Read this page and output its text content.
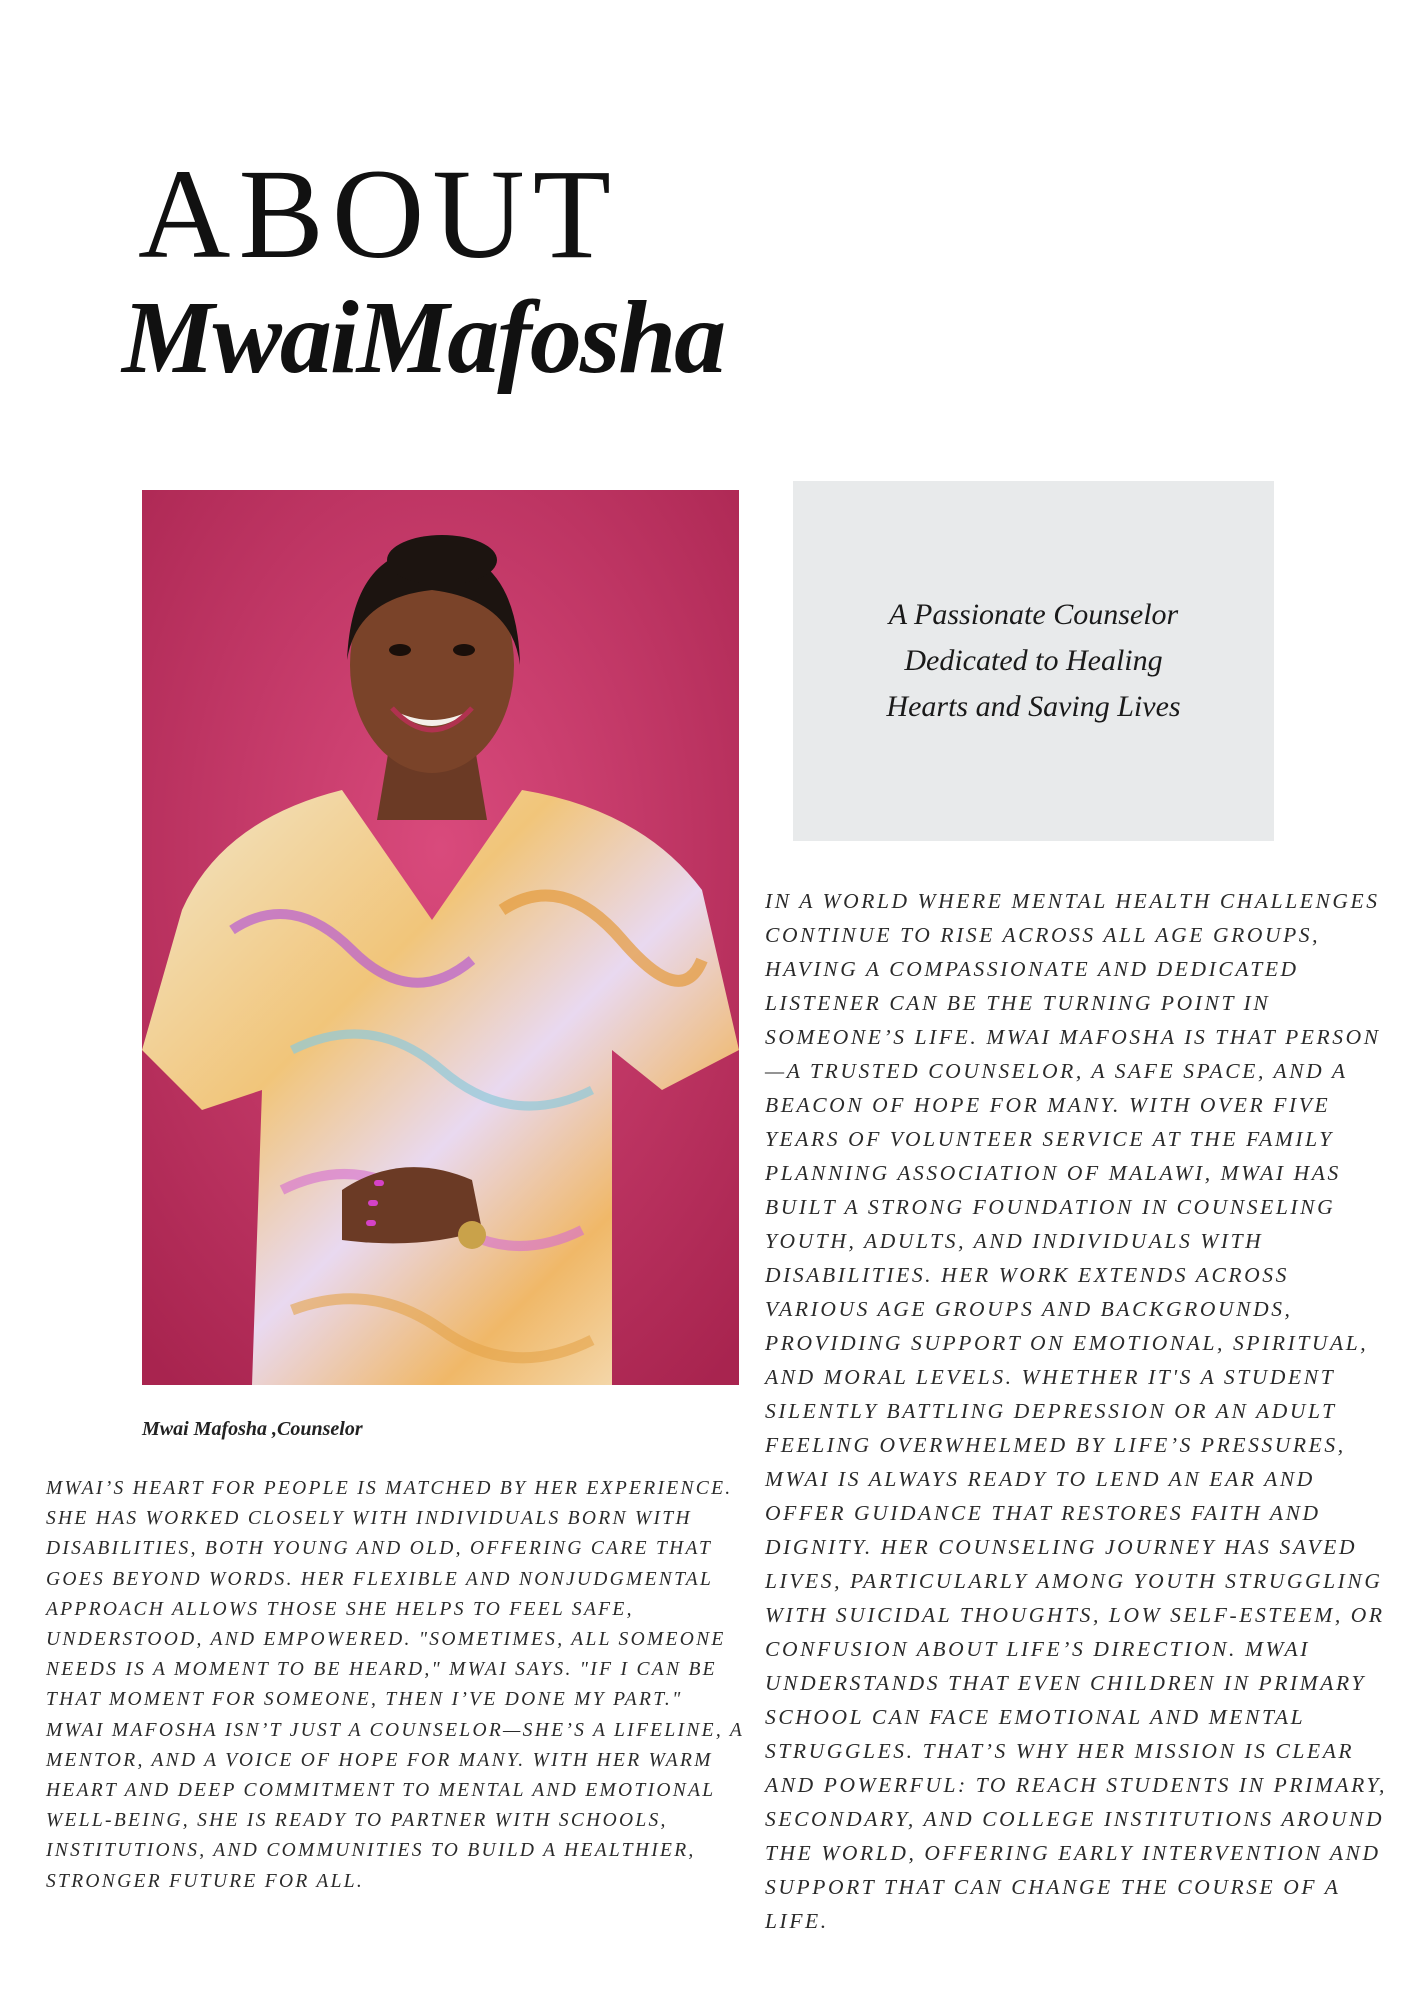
ABOUT
MwaiMafosha
Mwai Mafosha ,Counselor
A Passionate Counselor
Dedicated to Healing
Hearts and Saving Lives

IN A WORLD WHERE MENTAL HEALTH CHALLENGES CONTINUE TO RISE ACROSS ALL AGE GROUPS, HAVING A COMPASSIONATE AND DEDICATED LISTENER CAN BE THE TURNING POINT IN SOMEONE’S LIFE. MWAI MAFOSHA IS THAT PERSON—A TRUSTED COUNSELOR, A SAFE SPACE, AND A BEACON OF HOPE FOR MANY. WITH OVER FIVE YEARS OF VOLUNTEER SERVICE AT THE FAMILY PLANNING ASSOCIATION OF MALAWI, MWAI HAS BUILT A STRONG FOUNDATION IN COUNSELING YOUTH, ADULTS, AND INDIVIDUALS WITH DISABILITIES. HER WORK EXTENDS ACROSS VARIOUS AGE GROUPS AND BACKGROUNDS, PROVIDING SUPPORT ON EMOTIONAL, SPIRITUAL, AND MORAL LEVELS. WHETHER IT'S A STUDENT SILENTLY BATTLING DEPRESSION OR AN ADULT FEELING OVERWHELMED BY LIFE’S PRESSURES, MWAI IS ALWAYS READY TO LEND AN EAR AND OFFER GUIDANCE THAT RESTORES FAITH AND DIGNITY. HER COUNSELING JOURNEY HAS SAVED LIVES, PARTICULARLY AMONG YOUTH STRUGGLING WITH SUICIDAL THOUGHTS, LOW SELF-ESTEEM, OR CONFUSION ABOUT LIFE’S DIRECTION. MWAI UNDERSTANDS THAT EVEN CHILDREN IN PRIMARY SCHOOL CAN FACE EMOTIONAL AND MENTAL STRUGGLES. THAT’S WHY HER MISSION IS CLEAR AND POWERFUL: TO REACH STUDENTS IN PRIMARY, SECONDARY, AND COLLEGE INSTITUTIONS AROUND THE WORLD, OFFERING EARLY INTERVENTION AND SUPPORT THAT CAN CHANGE THE COURSE OF A LIFE.

MWAI’S HEART FOR PEOPLE IS MATCHED BY HER EXPERIENCE. SHE HAS WORKED CLOSELY WITH INDIVIDUALS BORN WITH DISABILITIES, BOTH YOUNG AND OLD, OFFERING CARE THAT GOES BEYOND WORDS. HER FLEXIBLE AND NONJUDGMENTAL APPROACH ALLOWS THOSE SHE HELPS TO FEEL SAFE, UNDERSTOOD, AND EMPOWERED. "SOMETIMES, ALL SOMEONE NEEDS IS A MOMENT TO BE HEARD," MWAI SAYS. "IF I CAN BE THAT MOMENT FOR SOMEONE, THEN I’VE DONE MY PART."

MWAI MAFOSHA ISN’T JUST A COUNSELOR—SHE’S A LIFELINE, A MENTOR, AND A VOICE OF HOPE FOR MANY. WITH HER WARM HEART AND DEEP COMMITMENT TO MENTAL AND EMOTIONAL WELL-BEING, SHE IS READY TO PARTNER WITH SCHOOLS, INSTITUTIONS, AND COMMUNITIES TO BUILD A HEALTHIER, STRONGER FUTURE FOR ALL.
